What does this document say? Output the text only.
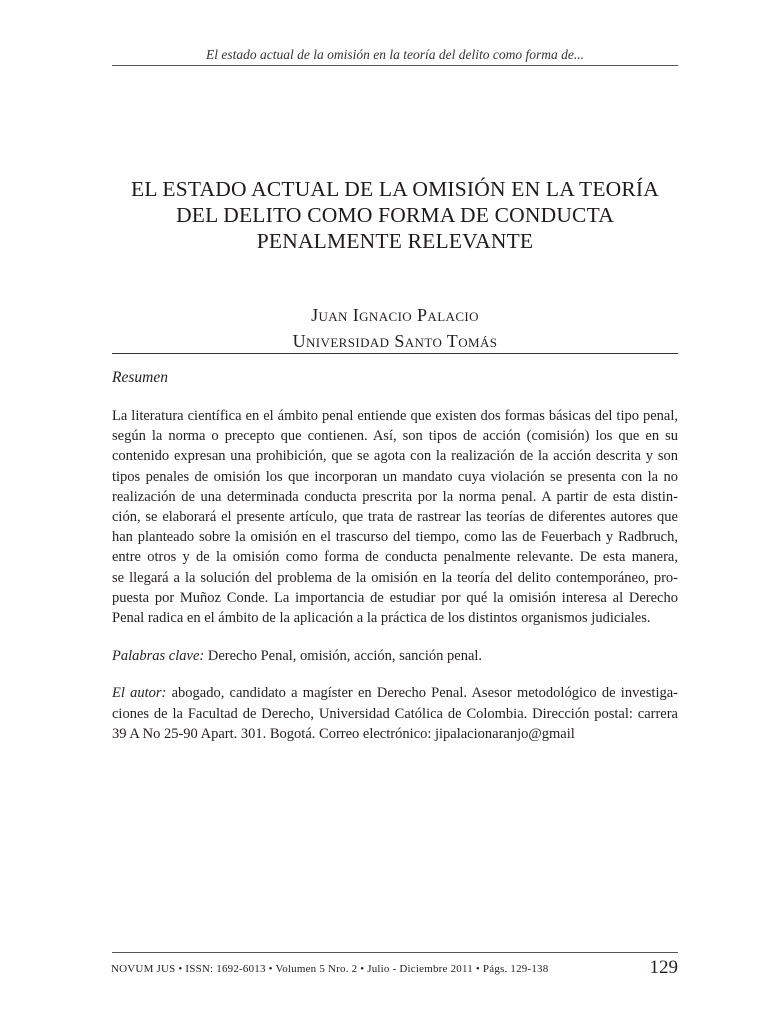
El estado actual de la omisión en la teoría del delito como forma de...
EL ESTADO ACTUAL DE LA OMISIÓN EN LA TEORÍA
DEL DELITO COMO FORMA DE CONDUCTA
PENALMENTE RELEVANTE
Juan Ignacio Palacio
Universidad Santo Tomás
Resumen
La literatura científica en el ámbito penal entiende que existen dos formas básicas del tipo penal,
según la norma o precepto que contienen. Así, son tipos de acción (comisión) los que en su
contenido expresan una prohibición, que se agota con la realización de la acción descrita y son
tipos penales de omisión los que incorporan un mandato cuya violación se presenta con la no
realización de una determinada conducta prescrita por la norma penal. A partir de esta distin-
ción, se elaborará el presente artículo, que trata de rastrear las teorías de diferentes autores que
han planteado sobre la omisión en el trascurso del tiempo, como las de Feuerbach y Radbruch,
entre otros y de la omisión como forma de conducta penalmente relevante. De esta manera,
se llegará a la solución del problema de la omisión en la teoría del delito contemporáneo, pro-
puesta por Muñoz Conde. La importancia de estudiar por qué la omisión interesa al Derecho
Penal radica en el ámbito de la aplicación a la práctica de los distintos organismos judiciales.
Palabras clave: Derecho Penal, omisión, acción, sanción penal.
El autor: abogado, candidato a magíster en Derecho Penal. Asesor metodológico de investiga-
ciones de la Facultad de Derecho, Universidad Católica de Colombia. Dirección postal: carrera
39 A No 25-90 Apart. 301. Bogotá. Correo electrónico: jipalacionaranjo@gmail
NOVUM JUS • ISSN: 1692-6013 • Volumen 5 Nro. 2 • Julio - Diciembre 2011 • Págs. 129-138	129
